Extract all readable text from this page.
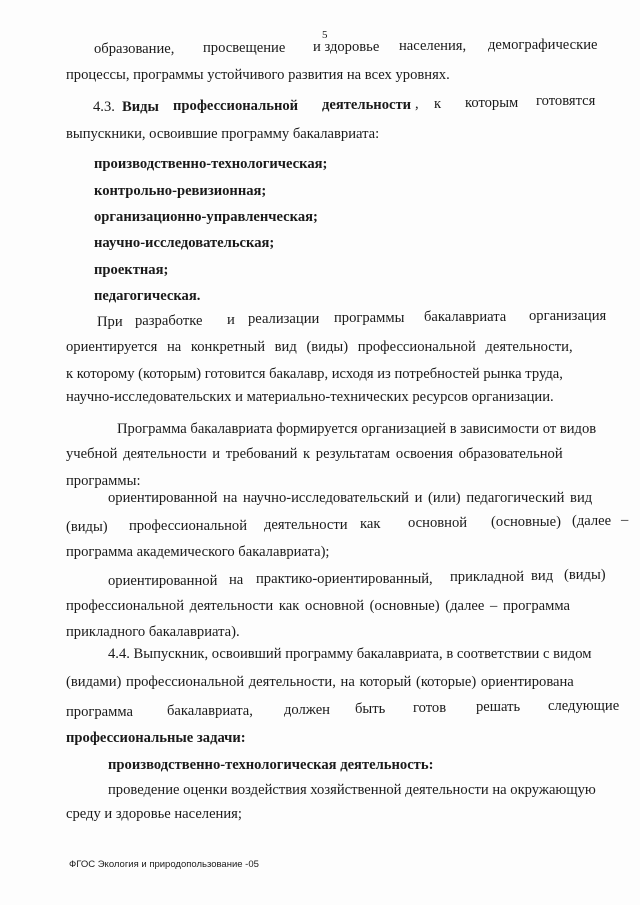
5
образование, просвещение и здоровье населения, демографические
процессы, программы устойчивого развития на всех уровнях.
4.3. Виды профессиональной деятельности , к которым готовятся
выпускники, освоившие программу бакалавриата:
производственно-технологическая;
контрольно-ревизионная;
организационно-управленческая;
научно-исследовательская;
проектная;
педагогическая.
При разработке и реализации программы бакалавриата организация
ориентируется на конкретный вид (виды) профессиональной деятельности,
к которому (которым) готовится бакалавр, исходя из потребностей рынка труда,
научно-исследовательских и материально-технических ресурсов организации.
Программа бакалавриата формируется организацией в зависимости от видов
учебной деятельности и требований к результатам освоения образовательной
программы:
ориентированной на научно-исследовательский и (или) педагогический вид
(виды) профессиональной деятельности как основной (основные) (далее –
программа академического бакалавриата);
ориентированной на практико-ориентированный, прикладной вид (виды)
профессиональной деятельности как основной (основные) (далее – программа
прикладного бакалавриата).
4.4. Выпускник, освоивший программу бакалавриата, в соответствии с видом
(видами) профессиональной деятельности, на который (которые) ориентирована
программа бакалавриата, должен быть готов решать следующие
профессиональные задачи:
производственно-технологическая деятельность:
проведение оценки воздействия хозяйственной деятельности на окружающую
среду и здоровье населения;
ФГОС Экология и природопользование -05
